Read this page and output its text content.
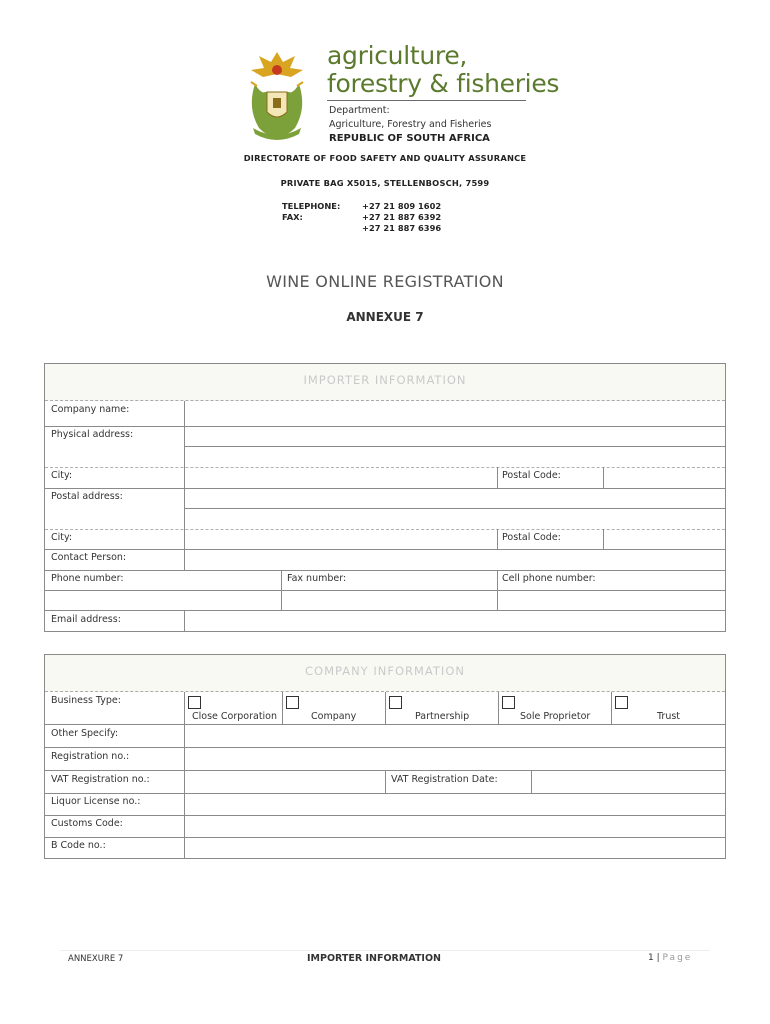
agriculture,
forestry & fisheries
Department:
Agriculture, Forestry and Fisheries
REPUBLIC OF SOUTH AFRICA
DIRECTORATE OF FOOD SAFETY AND QUALITY ASSURANCE
PRIVATE BAG X5015, STELLENBOSCH, 7599
TELEPHONE:	+27 21 809 1602
FAX:	+27 21 887 6392
+27 21 887 6396
WINE ONLINE REGISTRATION
ANNEXUE 7
IMPORTER INFORMATION
Company name:
Physical address:
City:	Postal Code:
Postal address:
City:	Postal Code:
Contact Person:
Phone number:	Fax number:	Cell phone number:
Email address:
COMPANY INFORMATION
Business Type:
Close Corporation	Company	Partnership	Sole Proprietor	Trust
Other Specify:
Registration no.:
VAT Registration no.:	VAT Registration Date:
Liquor License no.:
Customs Code:
B Code no.:
ANNEXURE 7	IMPORTER INFORMATION	1 | Page
